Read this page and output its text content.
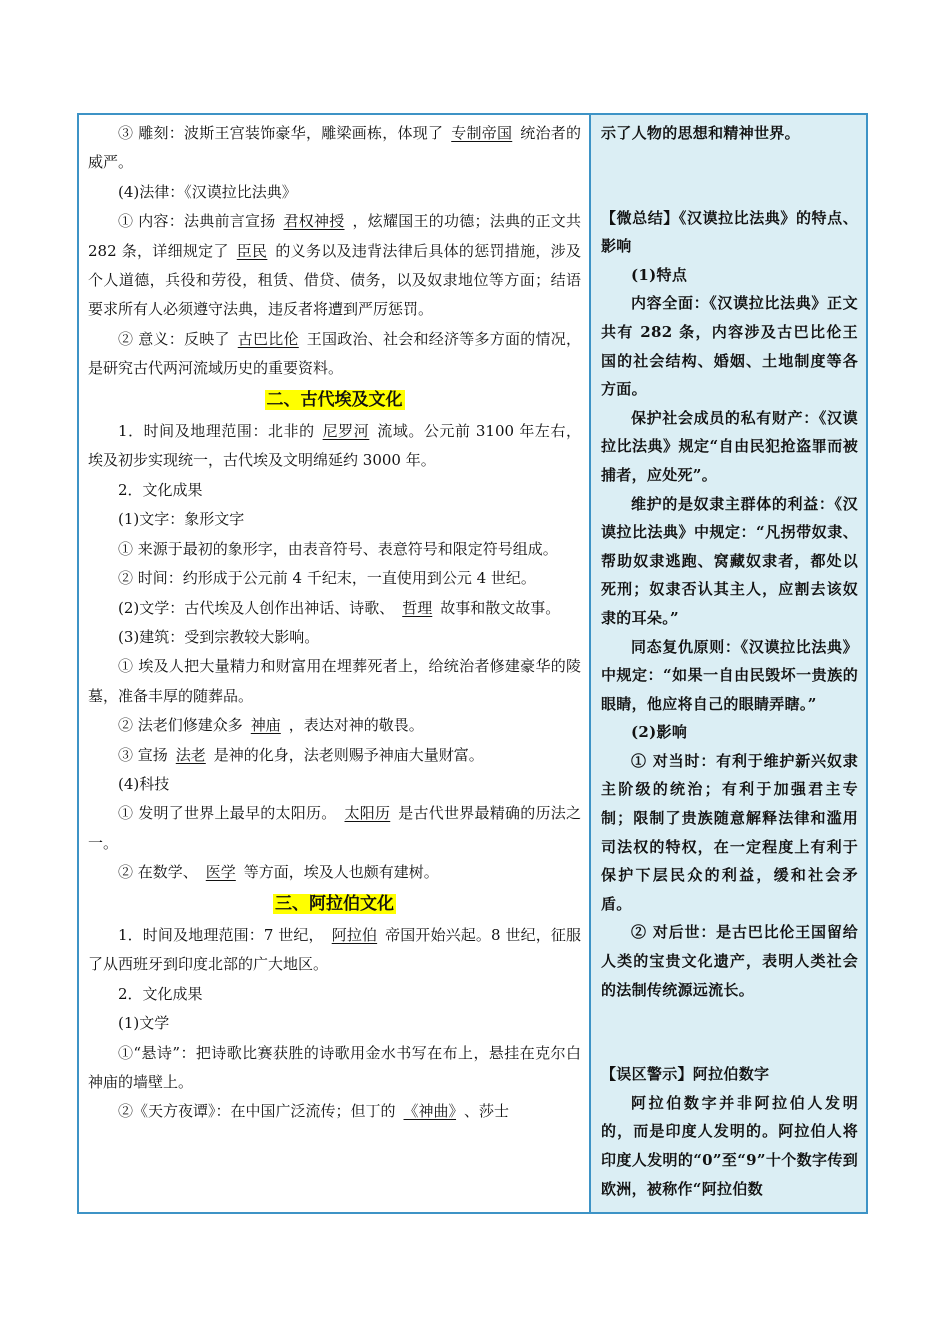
③ 雕刻：波斯王宫装饰豪华，雕梁画栋，体现了 专制帝国 统治者的威严。

(4)法律：《汉谟拉比法典》

① 内容：法典前言宣扬 君权神授 ，炫耀国王的功德；法典的正文共 282 条，详细规定了 臣民 的义务以及违背法律后具体的惩罚措施，涉及个人道德，兵役和劳役，租赁、借贷、债务，以及奴隶地位等方面；结语要求所有人必须遵守法典，违反者将遭到严厉惩罚。

② 意义：反映了 古巴比伦 王国政治、社会和经济等多方面的情况，是研究古代两河流域历史的重要资料。

二、古代埃及文化

1．时间及地理范围：北非的 尼罗河 流域。公元前 3100 年左右，埃及初步实现统一，古代埃及文明绵延约 3000 年。

2．文化成果

(1)文字：象形文字

① 来源于最初的象形字，由表音符号、表意符号和限定符号组成。

② 时间：约形成于公元前 4 千纪末，一直使用到公元 4 世纪。

(2)文学：古代埃及人创作出神话、诗歌、 哲理 故事和散文故事。

(3)建筑：受到宗教较大影响。

① 埃及人把大量精力和财富用在埋葬死者上，给统治者修建豪华的陵墓，准备丰厚的随葬品。

② 法老们修建众多 神庙 ，表达对神的敬畏。

③ 宣扬 法老 是神的化身，法老则赐予神庙大量财富。

(4)科技

① 发明了世界上最早的太阳历。 太阳历 是古代世界最精确的历法之一。

② 在数学、 医学 等方面，埃及人也颇有建树。

三、阿拉伯文化

1．时间及地理范围：7 世纪， 阿拉伯 帝国开始兴起。8 世纪，征服了从西班牙到印度北部的广大地区。

2．文化成果

(1)文学

①“悬诗”：把诗歌比赛获胜的诗歌用金水书写在布上，悬挂在克尔白神庙的墙壁上。

②《天方夜谭》：在中国广泛流传；但丁的 《神曲》 、莎士

示了人物的思想和精神世界。

【微总结】《汉谟拉比法典》的特点、影响

(1)特点

内容全面：《汉谟拉比法典》正文共有 282 条，内容涉及古巴比伦王国的社会结构、婚姻、土地制度等各方面。

保护社会成员的私有财产：《汉谟拉比法典》规定“自由民犯抢盗罪而被捕者，应处死”。

维护的是奴隶主群体的利益：《汉谟拉比法典》中规定：“凡拐带奴隶、帮助奴隶逃跑、窝藏奴隶者，都处以死刑；奴隶否认其主人，应割去该奴隶的耳朵。”

同态复仇原则：《汉谟拉比法典》中规定：“如果一自由民毁坏一贵族的眼睛，他应将自己的眼睛弄瞎。”

(2)影响

① 对当时：有利于维护新兴奴隶主阶级的统治；有利于加强君主专制；限制了贵族随意解释法律和滥用司法权的特权，在一定程度上有利于保护下层民众的利益，缓和社会矛盾。

② 对后世：是古巴比伦王国留给人类的宝贵文化遗产，表明人类社会的法制传统源远流长。

【误区警示】阿拉伯数字

阿拉伯数字并非阿拉伯人发明的，而是印度人发明的。阿拉伯人将印度人发明的“0”至“9”十个数字传到欧洲，被称作“阿拉伯数
